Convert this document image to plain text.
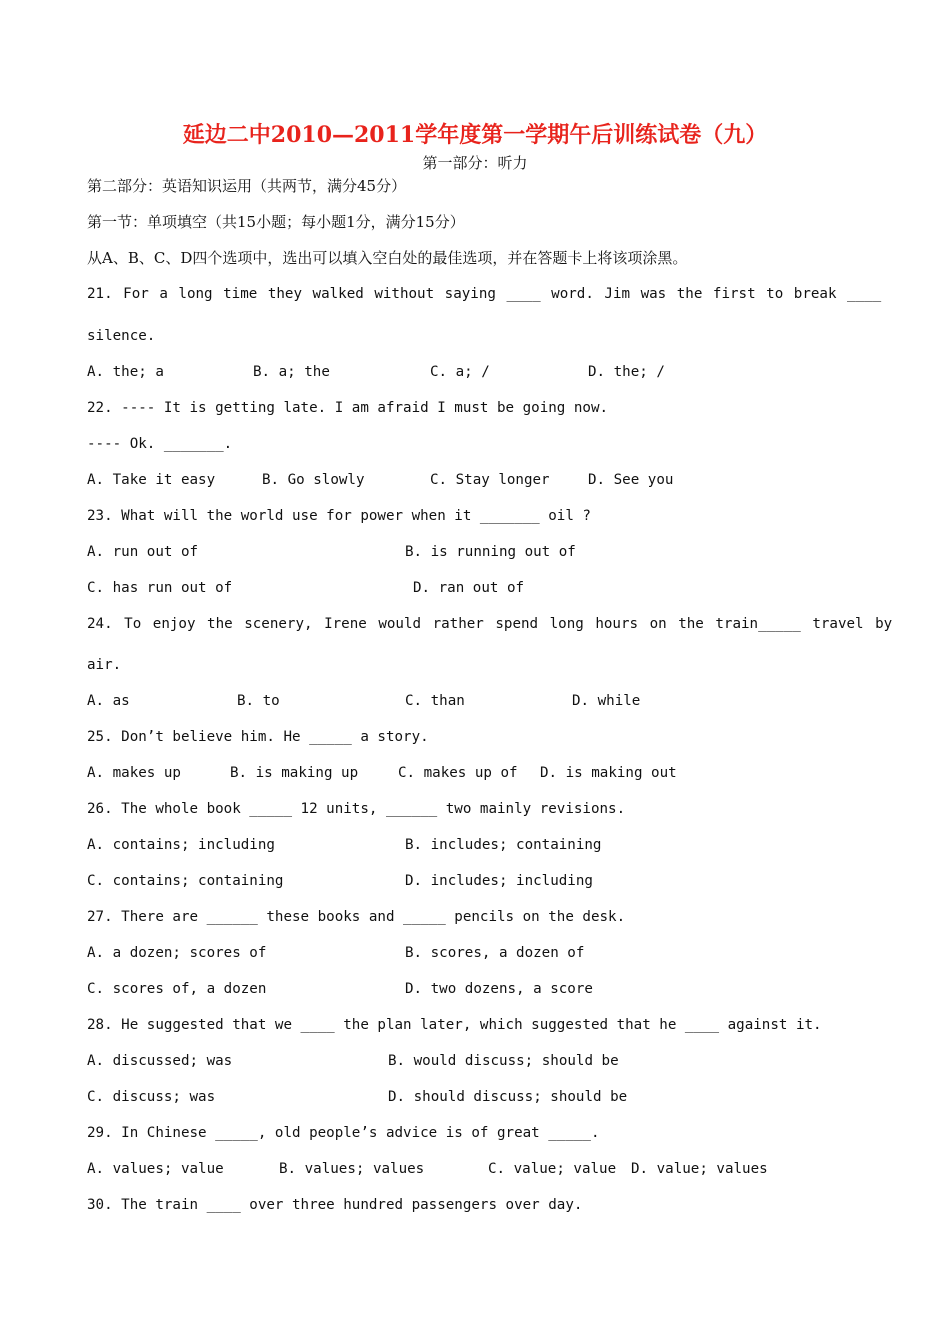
延边二中2010—2011学年度第一学期午后训练试卷（九）
第一部分：听力
第二部分：英语知识运用（共两节，满分45分）
第一节：单项填空（共15小题；每小题1分，满分15分）
从A、B、C、D四个选项中，选出可以填入空白处的最佳选项，并在答题卡上将该项涂黑。
21. For a long time they walked without saying ____ word. Jim was the first to break ____
silence.
A. the; a	B. a; the	C. a; /	D. the; /
22. ---- It is getting late. I am afraid I must be going now.
---- Ok. _______.
A. Take it easy	B. Go slowly	C. Stay longer	D. See you
23. What will the world use for power when it _______ oil ?
A. run out of	B. is running out of
C. has run out of	D. ran out of
24. To enjoy the scenery, Irene would rather spend long hours on the train_____ travel by
air.
A. as	B. to	C. than	D. while
25. Don’t believe him. He _____ a story.
A. makes up	B. is making up	C. makes up of D. is making out
26. The whole book _____ 12 units, ______ two mainly revisions.
A. contains; including	B. includes; containing
C. contains; containing	D. includes; including
27. There are ______ these books and _____ pencils on the desk.
A. a dozen; scores of	B. scores, a dozen of
C. scores of, a dozen	D. two dozens, a score
28. He suggested that we ____ the plan later, which suggested that he ____ against it.
A. discussed; was	B. would discuss; should be
C. discuss; was	D. should discuss; should be
29. In Chinese _____, old people’s advice is of great _____.
A. values; value	B. values; values	C. value; value D. value; values
30. The train ____ over three hundred passengers over day.
